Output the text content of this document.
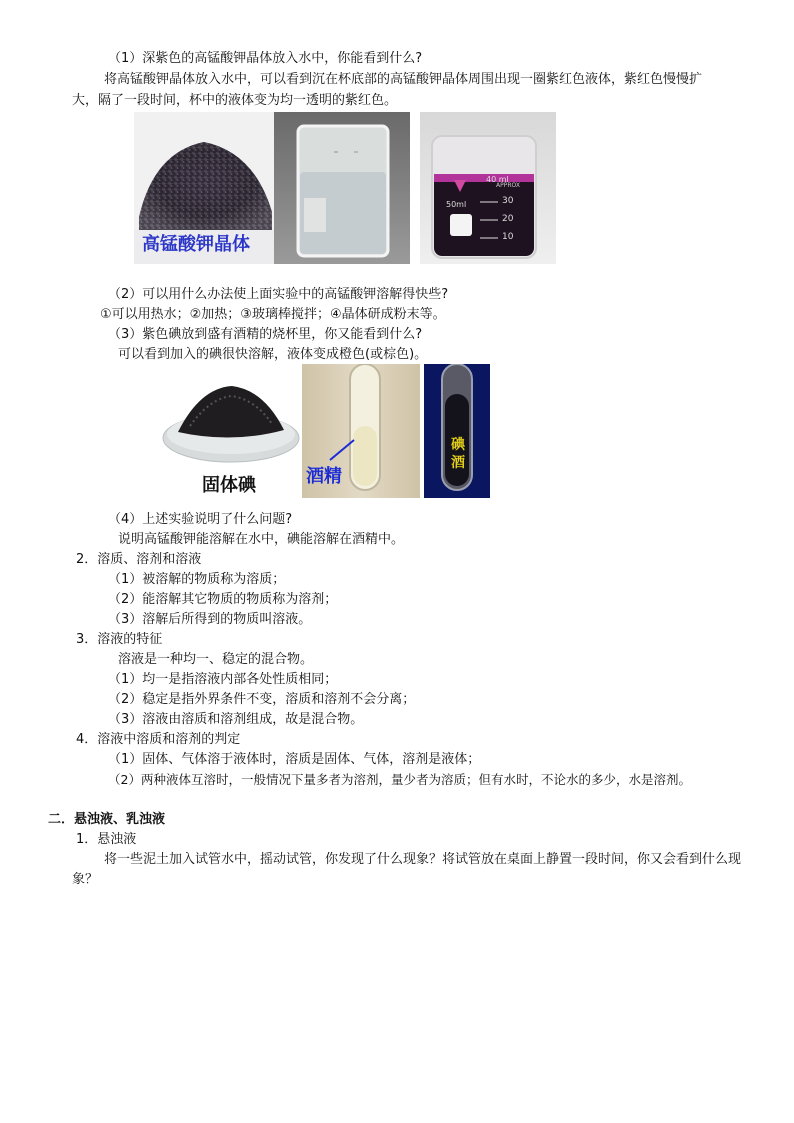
（1）深紫色的高锰酸钾晶体放入水中，你能看到什么?
将高锰酸钾晶体放入水中，可以看到沉在杯底部的高锰酸钾晶体周围出现一圈紫红色液体，紫红色慢慢扩
大，隔了一段时间，杯中的液体变为均一透明的紫红色。
高锰酸钾晶体
40 ml
APPROX
50ml	30
20
10
（2）可以用什么办法使上面实验中的高锰酸钾溶解得快些?
①可以用热水；②加热；③玻璃棒搅拌；④晶体研成粉末等。
（3）紫色碘放到盛有酒精的烧杯里，你又能看到什么?
可以看到加入的碘很快溶解，液体变成橙色(或棕色)。
固体碘	酒精
碘
酒
（4）上述实验说明了什么问题?
说明高锰酸钾能溶解在水中，碘能溶解在酒精中。
2．溶质、溶剂和溶液
（1）被溶解的物质称为溶质；
（2）能溶解其它物质的物质称为溶剂；
（3）溶解后所得到的物质叫溶液。
3．溶液的特征
溶液是一种均一、稳定的混合物。
（1）均一是指溶液内部各处性质相同；
（2）稳定是指外界条件不变，溶质和溶剂不会分离；
（3）溶液由溶质和溶剂组成，故是混合物。
4．溶液中溶质和溶剂的判定
（1）固体、气体溶于液体时，溶质是固体、气体，溶剂是液体；
（2）两种液体互溶时，一般情况下量多者为溶剂，量少者为溶质；但有水时，不论水的多少，水是溶剂。
二．悬浊液、乳浊液
1．悬浊液
将一些泥土加入试管水中，摇动试管，你发现了什么现象？将试管放在桌面上静置一段时间，你又会看到什么现象？
